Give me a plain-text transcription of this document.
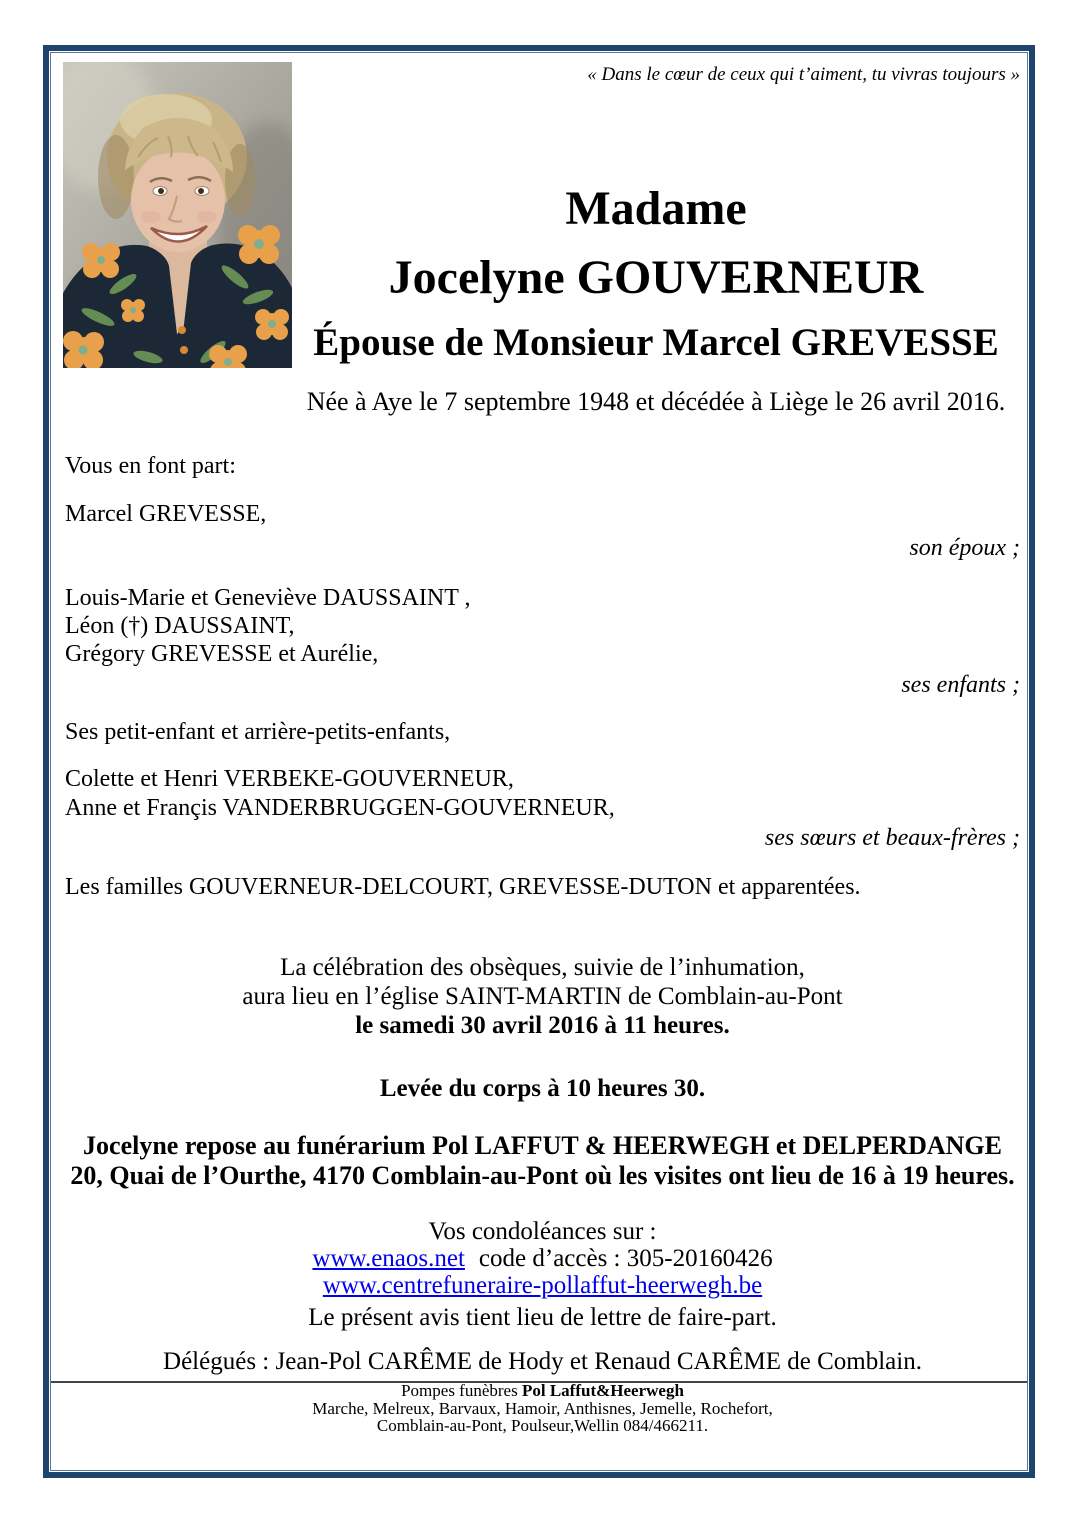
« Dans le cœur de ceux qui t’aiment, tu vivras toujours »
Madame
Jocelyne GOUVERNEUR
Épouse de Monsieur Marcel GREVESSE
Née à Aye le 7 septembre 1948 et décédée à Liège le 26 avril 2016.
Vous en font part:
Marcel GREVESSE,
son époux ;
Louis-Marie et Geneviève DAUSSAINT ,
Léon (†) DAUSSAINT,
Grégory GREVESSE et Aurélie,
ses enfants ;
Ses petit-enfant et arrière-petits-enfants,
Colette et Henri VERBEKE-GOUVERNEUR,
Anne et Françis VANDERBRUGGEN-GOUVERNEUR,
ses sœurs et beaux-frères ;
Les familles GOUVERNEUR-DELCOURT, GREVESSE-DUTON et apparentées.
La célébration des obsèques, suivie de l’inhumation,
aura lieu en l’église SAINT-MARTIN de Comblain-au-Pont
le samedi 30 avril 2016 à 11 heures.
Levée du corps à 10 heures 30.
Jocelyne repose au funérarium Pol LAFFUT & HEERWEGH et DELPERDANGE
20, Quai de l’Ourthe, 4170 Comblain-au-Pont où les visites ont lieu de 16 à 19 heures.
Vos condoléances sur :
www.enaos.net code d’accès : 305-20160426
www.centrefuneraire-pollaffut-heerwegh.be
Le présent avis tient lieu de lettre de faire-part.
Délégués : Jean-Pol CARÊME de Hody et Renaud CARÊME de Comblain.
Pompes funèbres Pol Laffut&Heerwegh
Marche, Melreux, Barvaux, Hamoir, Anthisnes, Jemelle, Rochefort,
Comblain-au-Pont, Poulseur,Wellin 084/466211.
